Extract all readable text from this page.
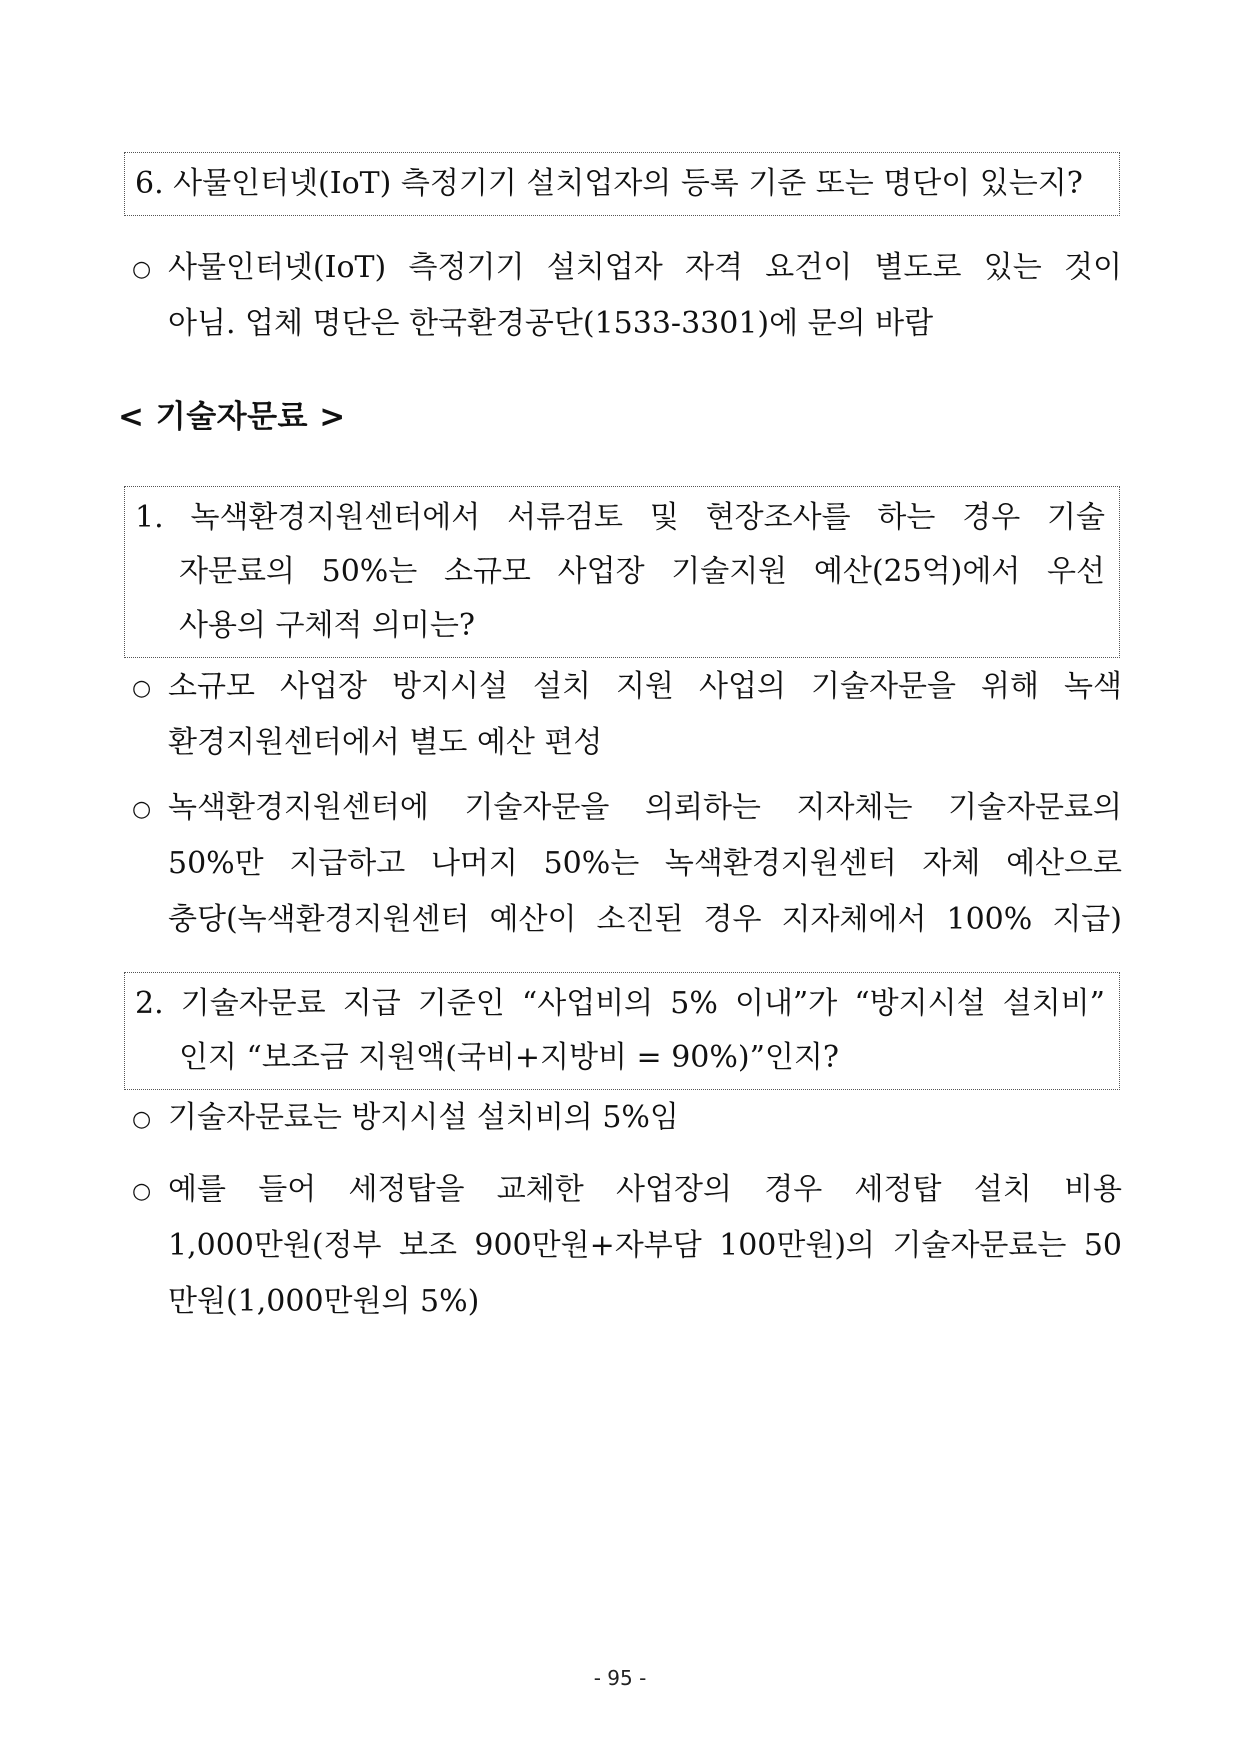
6. 사물인터넷(IoT) 측정기기 설치업자의 등록 기준 또는 명단이 있는지?
○ 사물인터넷(IoT) 측정기기 설치업자 자격 요건이 별도로 있는 것이
아님. 업체 명단은 한국환경공단(1533-3301)에 문의 바람
< 기술자문료 >
1. 녹색환경지원센터에서 서류검토 및 현장조사를 하는 경우 기술
자문료의 50%는 소규모 사업장 기술지원 예산(25억)에서 우선
사용의 구체적 의미는?
○ 소규모 사업장 방지시설 설치 지원 사업의 기술자문을 위해 녹색
환경지원센터에서 별도 예산 편성
○ 녹색환경지원센터에 기술자문을 의뢰하는 지자체는 기술자문료의
50%만 지급하고 나머지 50%는 녹색환경지원센터 자체 예산으로
충당(녹색환경지원센터 예산이 소진된 경우 지자체에서 100% 지급)
2. 기술자문료 지급 기준인 “사업비의 5% 이내”가 “방지시설 설치비”
인지 “보조금 지원액(국비+지방비 = 90%)”인지?
○ 기술자문료는 방지시설 설치비의 5%임
○ 예를 들어 세정탑을 교체한 사업장의 경우 세정탑 설치 비용
1,000만원(정부 보조 900만원+자부담 100만원)의 기술자문료는 50
만원(1,000만원의 5%)
- 95 -
